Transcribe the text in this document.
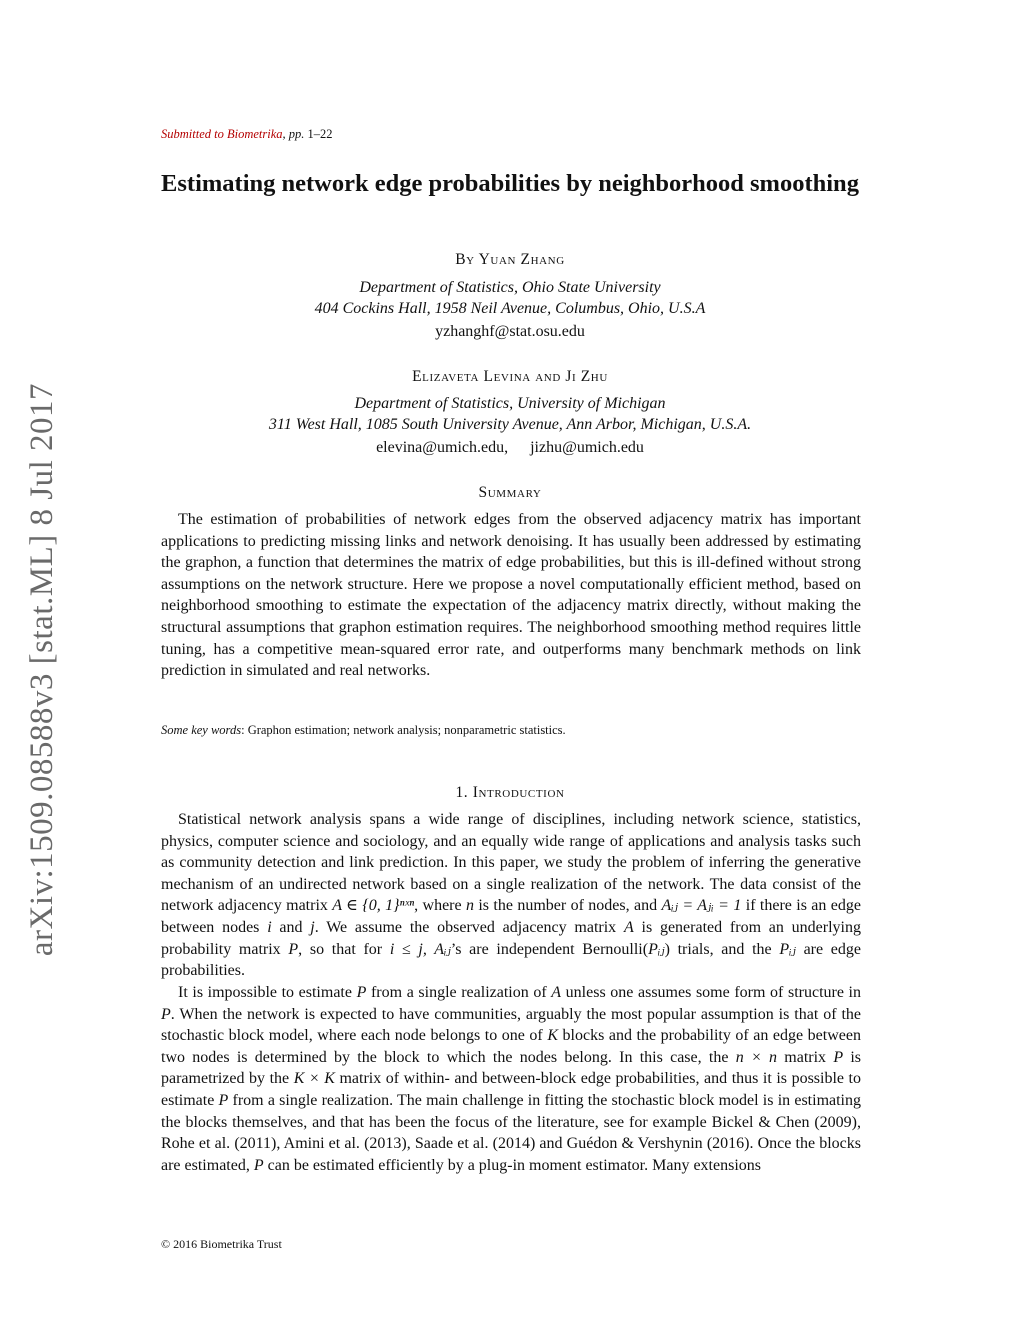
arXiv:1509.08588v3 [stat.ML] 8 Jul 2017
Submitted to Biometrika, pp. 1–22
Estimating network edge probabilities by neighborhood smoothing
By Yuan Zhang
Department of Statistics, Ohio State University
404 Cockins Hall, 1958 Neil Avenue, Columbus, Ohio, U.S.A
yzhanghf@stat.osu.edu
Elizaveta Levina and Ji Zhu
Department of Statistics, University of Michigan
311 West Hall, 1085 South University Avenue, Ann Arbor, Michigan, U.S.A.
elevina@umich.edu, jizhu@umich.edu
Summary

The estimation of probabilities of network edges from the observed adjacency matrix has important applications to predicting missing links and network denoising. It has usually been addressed by estimating the graphon, a function that determines the matrix of edge probabilities, but this is ill-defined without strong assumptions on the network structure. Here we propose a novel computationally efficient method, based on neighborhood smoothing to estimate the expectation of the adjacency matrix directly, without making the structural assumptions that graphon estimation requires. The neighborhood smoothing method requires little tuning, has a competitive mean-squared error rate, and outperforms many benchmark methods on link prediction in simulated and real networks.

Some key words: Graphon estimation; network analysis; nonparametric statistics.
1. Introduction

Statistical network analysis spans a wide range of disciplines, including network science, statistics, physics, computer science and sociology, and an equally wide range of applications and analysis tasks such as community detection and link prediction. In this paper, we study the problem of inferring the generative mechanism of an undirected network based on a single realization of the network. The data consist of the network adjacency matrix A ∈ {0, 1}ⁿˣⁿ, where n is the number of nodes, and Aᵢⱼ = Aⱼᵢ = 1 if there is an edge between nodes i and j. We assume the observed adjacency matrix A is generated from an underlying probability matrix P, so that for i ≤ j, Aᵢⱼ’s are independent Bernoulli(Pᵢⱼ) trials, and the Pᵢⱼ are edge probabilities.

It is impossible to estimate P from a single realization of A unless one assumes some form of structure in P. When the network is expected to have communities, arguably the most popular assumption is that of the stochastic block model, where each node belongs to one of K blocks and the probability of an edge between two nodes is determined by the block to which the nodes belong. In this case, the n × n matrix P is parametrized by the K × K matrix of within- and between-block edge probabilities, and thus it is possible to estimate P from a single realization. The main challenge in fitting the stochastic block model is in estimating the blocks themselves, and that has been the focus of the literature, see for example Bickel & Chen (2009), Rohe et al. (2011), Amini et al. (2013), Saade et al. (2014) and Guédon & Vershynin (2016). Once the blocks are estimated, P can be estimated efficiently by a plug-in moment estimator. Many extensions

© 2016 Biometrika Trust
